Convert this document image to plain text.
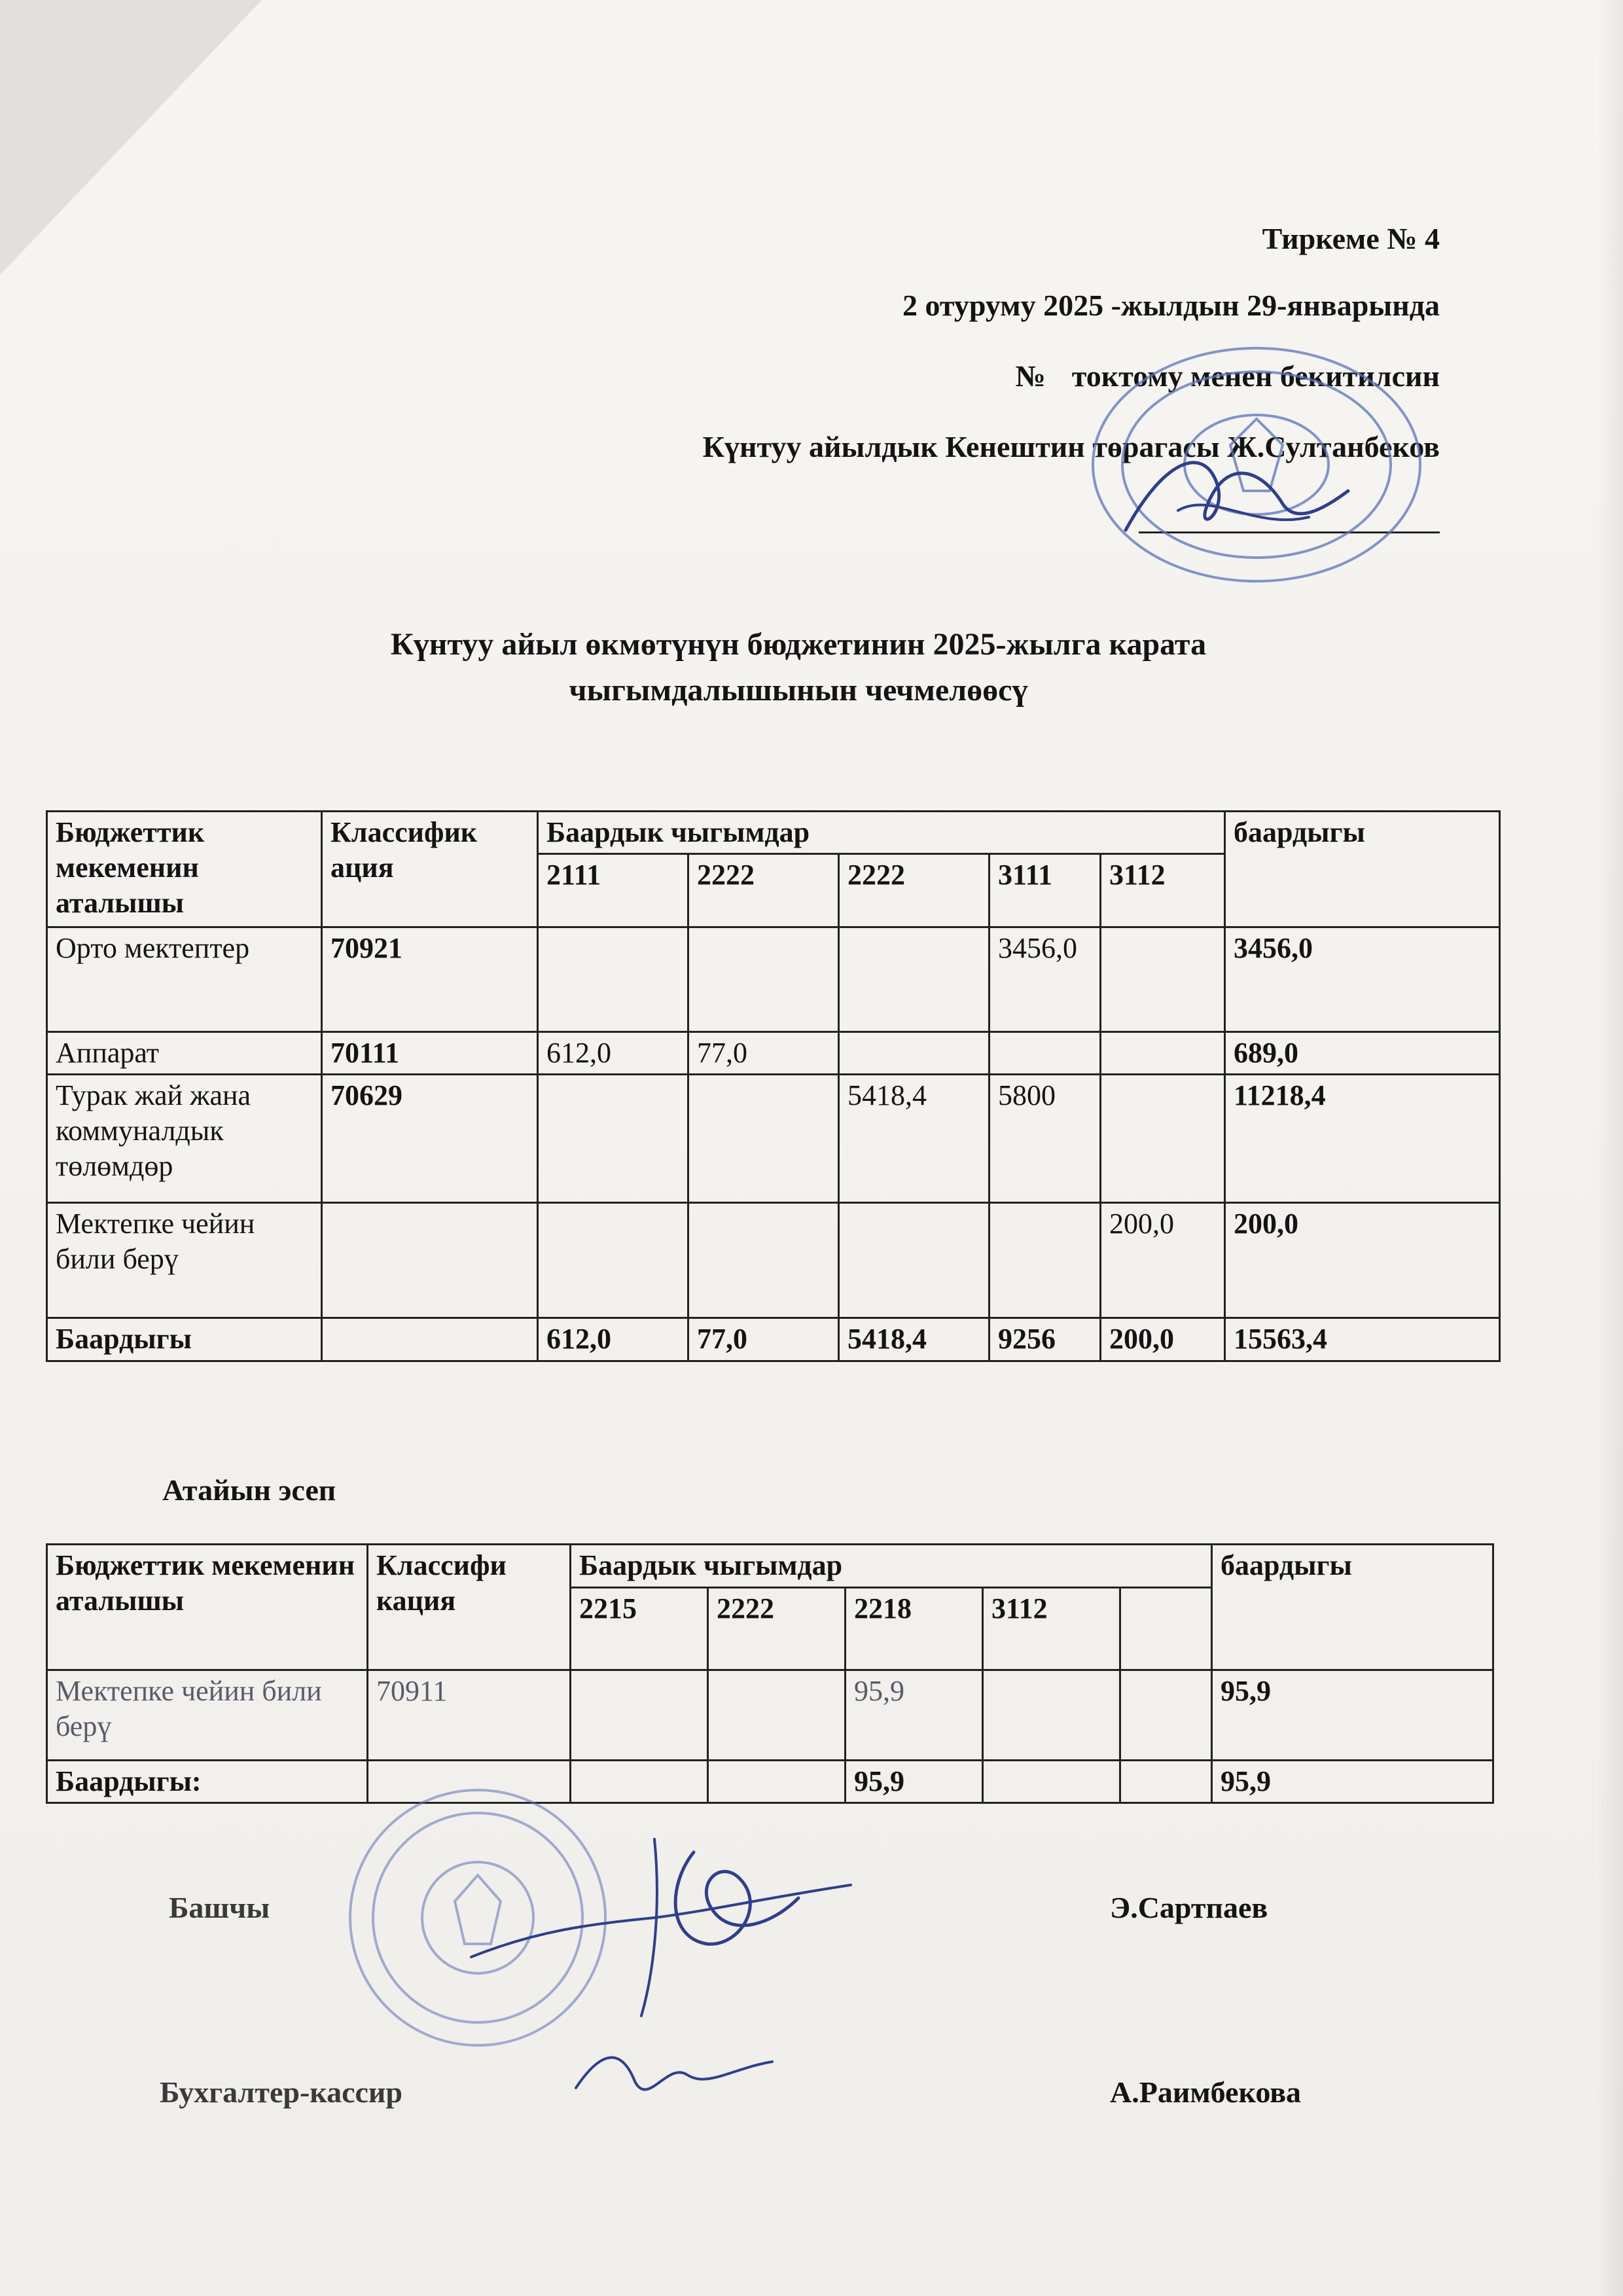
Тиркеме № 4
2 отуруму 2025 -жылдын 29-январында
№ токтому менен бекитилсин
Күнтуу айылдык Кенештин төрагасы Ж.Султанбеков
Күнтуу айыл өкмөтүнүн бюджетинин 2025-жылга карата
чыгымдалышынын чечмелөөсү
Бюджеттик мекеменин аталышы	Классифик ация	Баардык чыгымдар					баардыгы
		2111	2222	2222	3111	3112	
Орто мектептер	70921				3456,0		3456,0
Аппарат	70111	612,0	77,0				689,0
Турак жай жана коммуналдык төлөмдөр	70629			5418,4	5800		11218,4
Мектепке чейин били берү						200,0	200,0
Баардыгы		612,0	77,0	5418,4	9256	200,0	15563,4
Атайын эсеп
Бюджеттик мекеменин аталышы	Классифи кация	Баардык чыгымдар					баардыгы
		2215	2222	2218	3112		
Мектепке чейин били берү	70911			95,9			95,9
Баардыгы:				95,9			95,9
Башчы	Э.Сартпаев
Бухгалтер-кассир	А.Раимбекова
